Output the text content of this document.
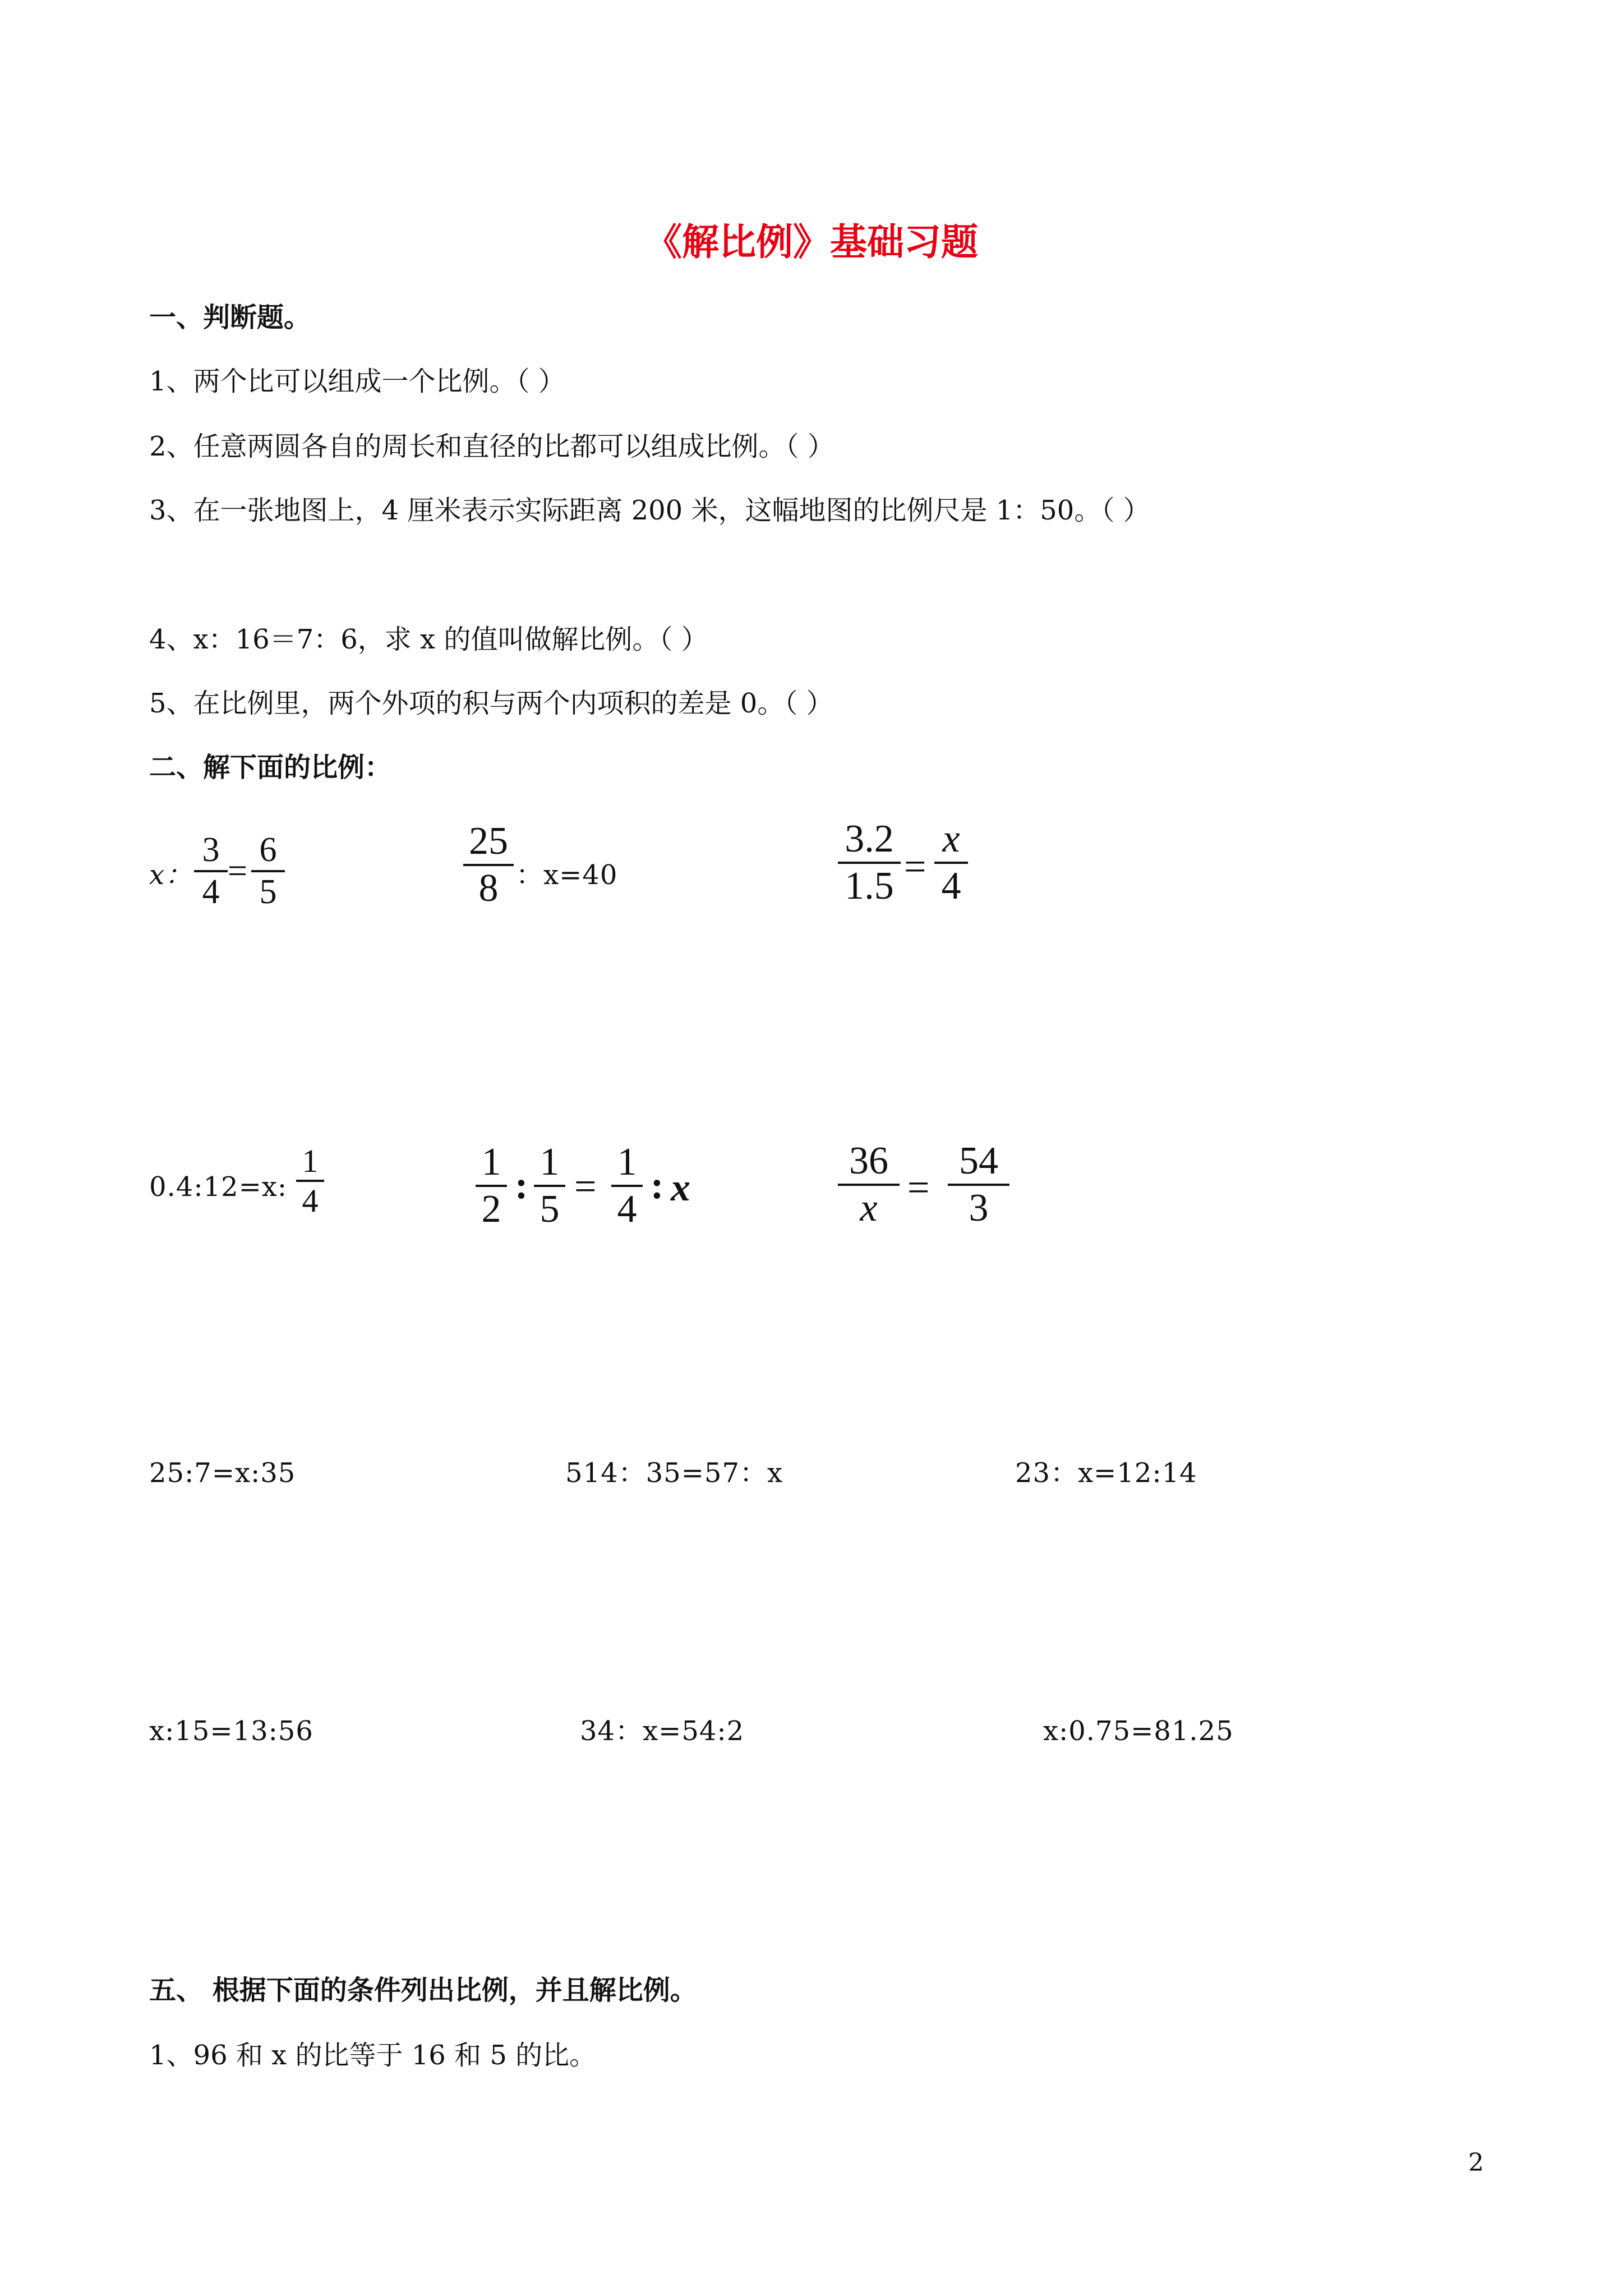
《解比例》基础习题
一、判断题。
1、两个比可以组成一个比例。（ ）
2、任意两圆各自的周长和直径的比都可以组成比例。（ ）
3、在一张地图上，4 厘米表示实际距离 200 米，这幅地图的比例尺是 1：50。（ ）
4、x：16＝7：6，求 x 的值叫做解比例。（ ）
5、在比例里，两个外项的积与两个内项积的差是 0。（ ）
二、解下面的比例：
x：
3
4
=
6
5
25
8 ：x=40
3.2
1.5 =
x
4
0.4:12=x:
1
4
1
2
:
1
5
=
1
4
: x
36
x =
54
3
25:7=x:35	514：35=57：x	23：x=12:14
x:15=13:56	34：x=54:2	x:0.75=81.25
五、 根据下面的条件列出比例，并且解比例。
1、96 和 x 的比等于 16 和 5 的比。
2
